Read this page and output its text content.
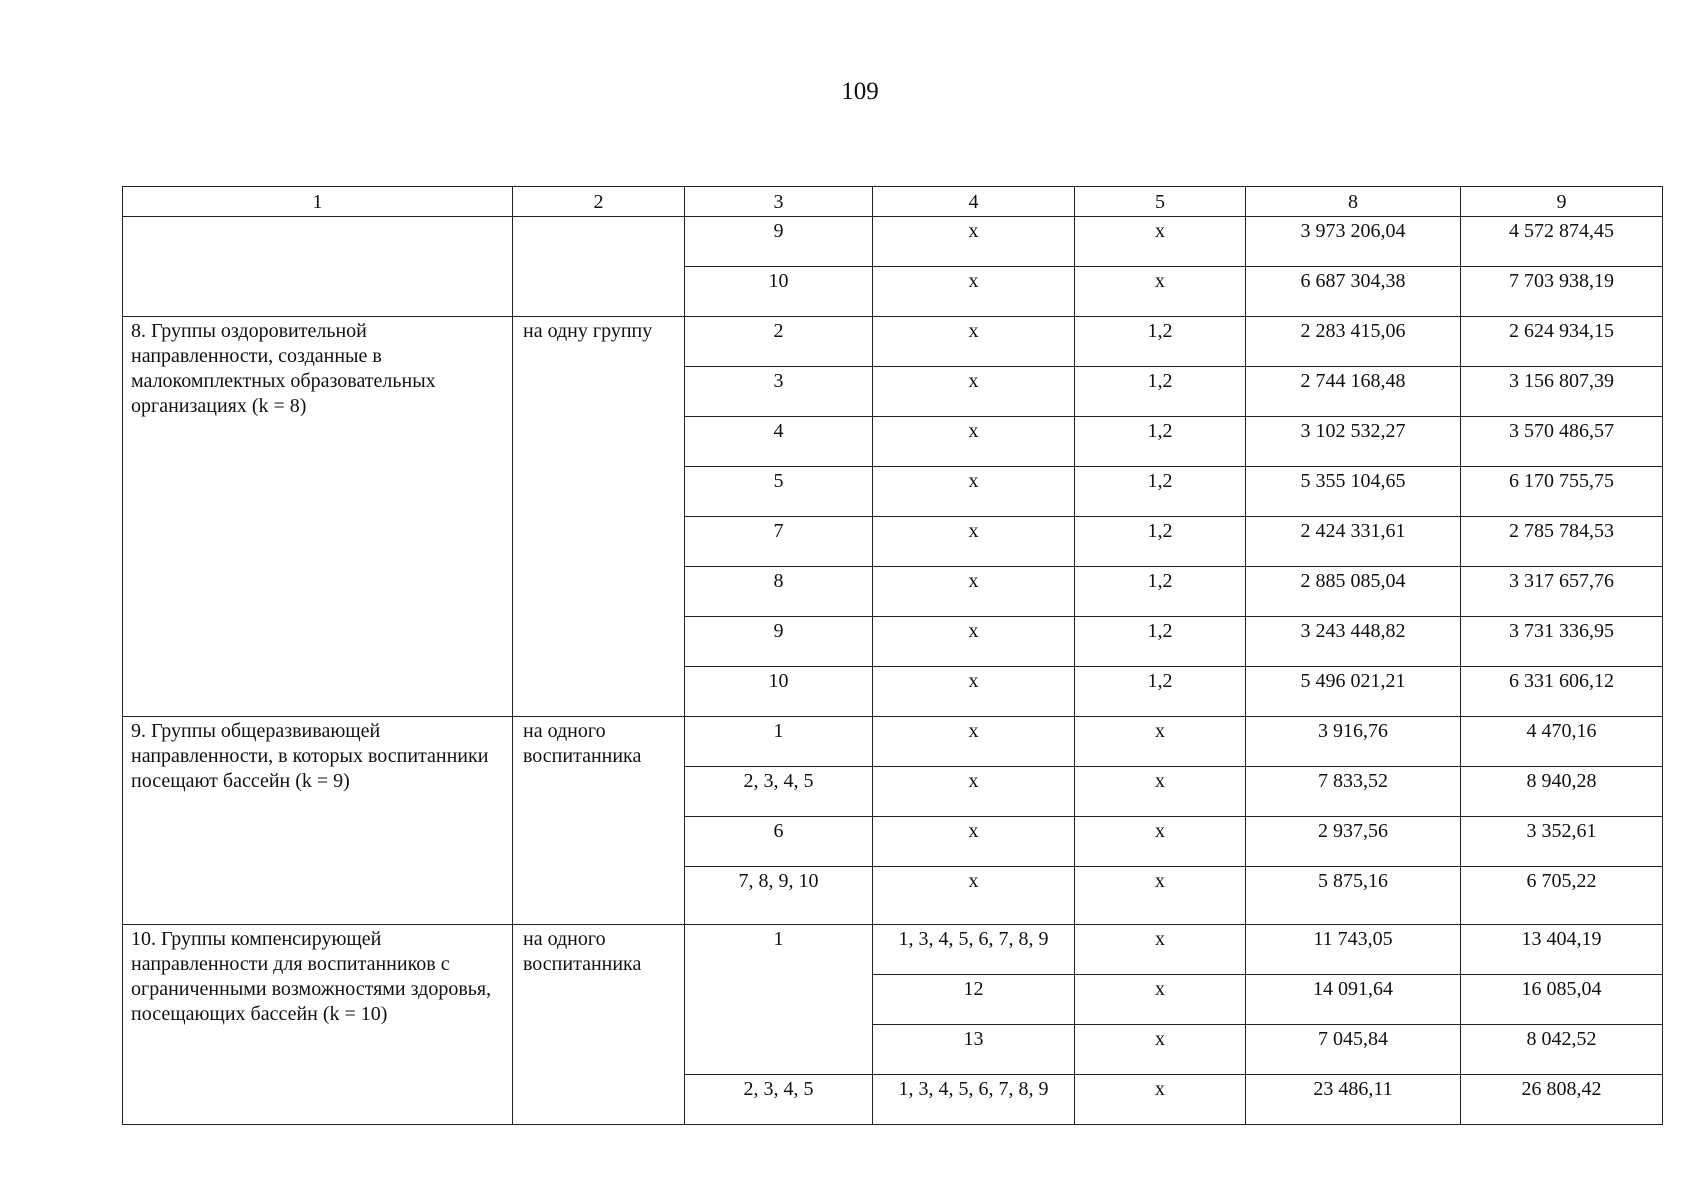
109
1	2	3	4	5	8	9
		9	х	х	3 973 206,04	4 572 874,45
		10	х	х	6 687 304,38	7 703 938,19
8. Группы оздоровительной направленности, созданные в малокомплектных образовательных организациях (k = 8)	на одну группу	2	х	1,2	2 283 415,06	2 624 934,15
		3	х	1,2	2 744 168,48	3 156 807,39
		4	х	1,2	3 102 532,27	3 570 486,57
		5	х	1,2	5 355 104,65	6 170 755,75
		7	х	1,2	2 424 331,61	2 785 784,53
		8	х	1,2	2 885 085,04	3 317 657,76
		9	х	1,2	3 243 448,82	3 731 336,95
		10	х	1,2	5 496 021,21	6 331 606,12
9. Группы общеразвивающей направленности, в которых воспитанники посещают бассейн (k = 9)	на одного воспитанника	1	х	х	3 916,76	4 470,16
		2, 3, 4, 5	х	х	7 833,52	8 940,28
		6	х	х	2 937,56	3 352,61
		7, 8, 9, 10	х	х	5 875,16	6 705,22
10. Группы компенсирующей направленности для воспитанников с ограниченными возможностями здоровья, посещающих бассейн (k = 10)	на одного воспитанника	1	1, 3, 4, 5, 6, 7, 8, 9	х	11 743,05	13 404,19
			12	х	14 091,64	16 085,04
			13	х	7 045,84	8 042,52
		2, 3, 4, 5	1, 3, 4, 5, 6, 7, 8, 9	х	23 486,11	26 808,42
